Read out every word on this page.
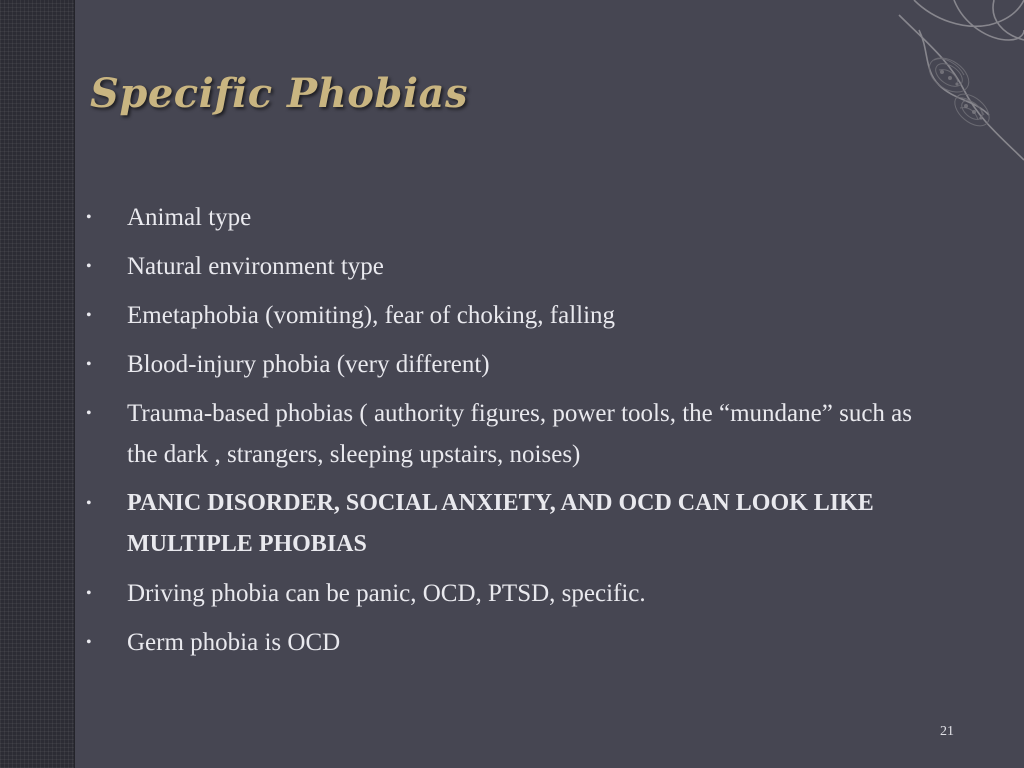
Specific Phobias
• Animal type
• Natural environment type
• Emetaphobia (vomiting), fear of choking, falling
• Blood-injury phobia (very different)
• Trauma-based phobias ( authority figures, power tools, the “mundane” such as the dark , strangers, sleeping upstairs, noises)
• PANIC DISORDER, SOCIAL ANXIETY, AND OCD CAN LOOK LIKE MULTIPLE PHOBIAS
• Driving phobia can be panic, OCD, PTSD, specific.
• Germ phobia is OCD
21
